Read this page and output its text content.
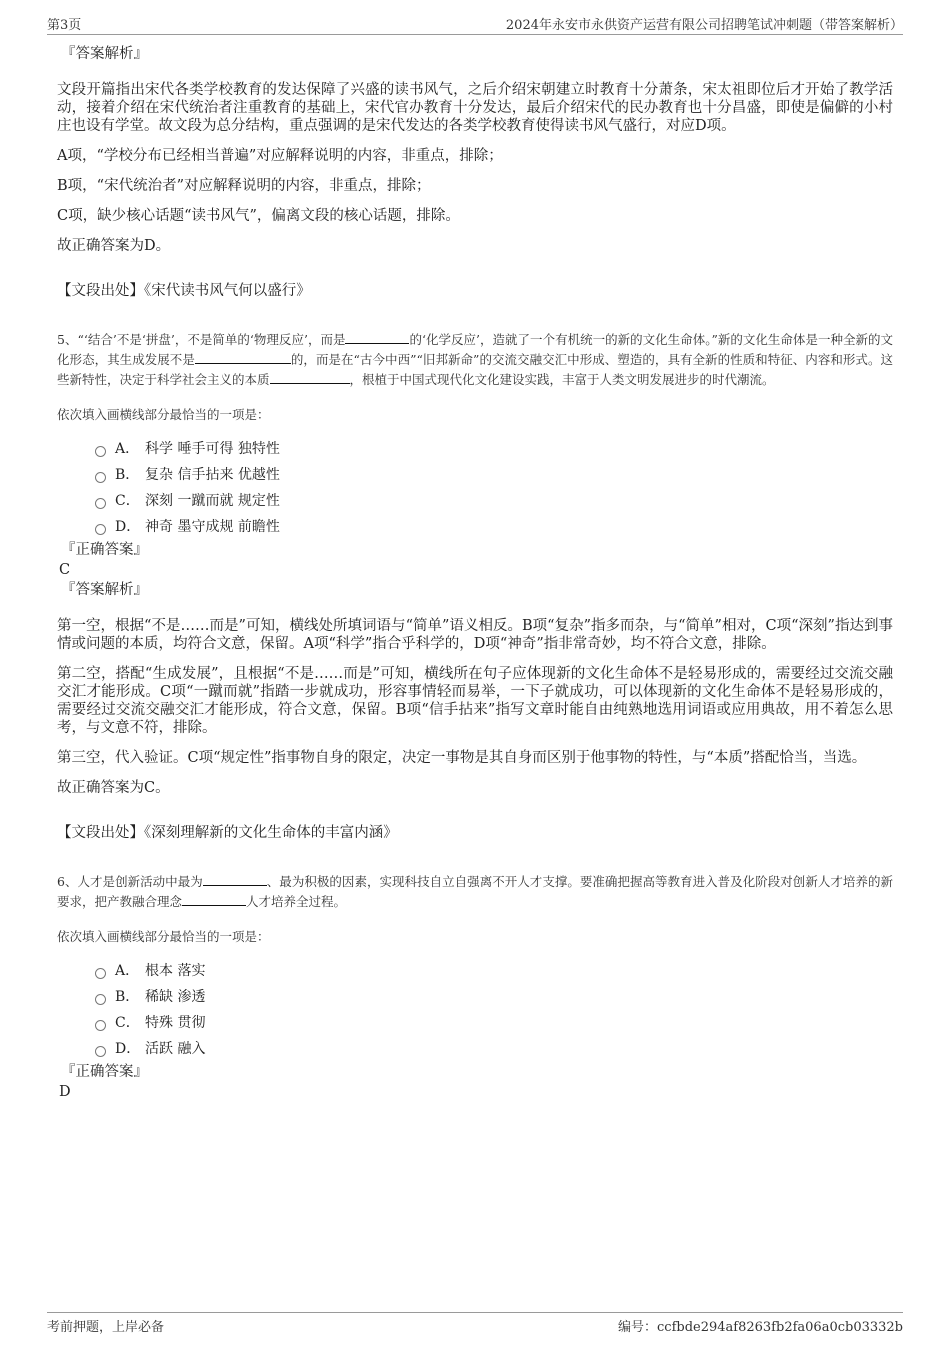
第3页	2024年永安市永供资产运营有限公司招聘笔试冲刺题（带答案解析）
『答案解析』

文段开篇指出宋代各类学校教育的发达保障了兴盛的读书风气，之后介绍宋朝建立时教育十分萧条，宋太祖即位后才开始了教学活动，接着介绍在宋代统治者注重教育的基础上，宋代官办教育十分发达，最后介绍宋代的民办教育也十分昌盛，即使是偏僻的小村庄也设有学堂。故文段为总分结构，重点强调的是宋代发达的各类学校教育使得读书风气盛行，对应D项。

A项，“学校分布已经相当普遍”对应解释说明的内容，非重点，排除；

B项，“宋代统治者”对应解释说明的内容，非重点，排除；

C项，缺少核心话题“读书风气”，偏离文段的核心话题，排除。

故正确答案为D。

【文段出处】《宋代读书风气何以盛行》

5、“‘结合’不是‘拼盘’，不是简单的‘物理反应’，而是	的‘化学反应’，造就了一个有机统一的新的文化生命体。”新的文化生命体是一种全新的文化形态，其生成发展不是	的，而是在“古今中西”“旧邦新命”的交流交融交汇中形成、塑造的，具有全新的性质和特征、内容和形式。这些新特性，决定于科学社会主义的本质	，根植于中国式现代化文化建设实践，丰富于人类文明发展进步的时代潮流。

依次填入画横线部分最恰当的一项是：

A． 科学 唾手可得 独特性
B． 复杂 信手拈来 优越性
C． 深刻 一蹴而就 规定性
D． 神奇 墨守成规 前瞻性
『正确答案』
C
『答案解析』

第一空，根据“不是……而是”可知，横线处所填词语与“简单”语义相反。B项“复杂”指多而杂，与“简单”相对，C项“深刻”指达到事情或问题的本质，均符合文意，保留。A项“科学”指合乎科学的，D项“神奇”指非常奇妙，均不符合文意，排除。

第二空，搭配“生成发展”，且根据“不是……而是”可知，横线所在句子应体现新的文化生命体不是轻易形成的，需要经过交流交融交汇才能形成。C项“一蹴而就”指踏一步就成功，形容事情轻而易举，一下子就成功，可以体现新的文化生命体不是轻易形成的，需要经过交流交融交汇才能形成，符合文意，保留。B项“信手拈来”指写文章时能自由纯熟地选用词语或应用典故，用不着怎么思考，与文意不符，排除。

第三空，代入验证。C项“规定性”指事物自身的限定，决定一事物是其自身而区别于他事物的特性，与“本质”搭配恰当，当选。

故正确答案为C。

【文段出处】《深刻理解新的文化生命体的丰富内涵》

6、人才是创新活动中最为	、最为积极的因素，实现科技自立自强离不开人才支撑。要准确把握高等教育进入普及化阶段对创新人才培养的新要求，把产教融合理念	人才培养全过程。

依次填入画横线部分最恰当的一项是：

A． 根本 落实
B． 稀缺 渗透
C． 特殊 贯彻
D． 活跃 融入
『正确答案』
D
考前押题，上岸必备	编号：ccfbde294af8263fb2fa06a0cb03332b
